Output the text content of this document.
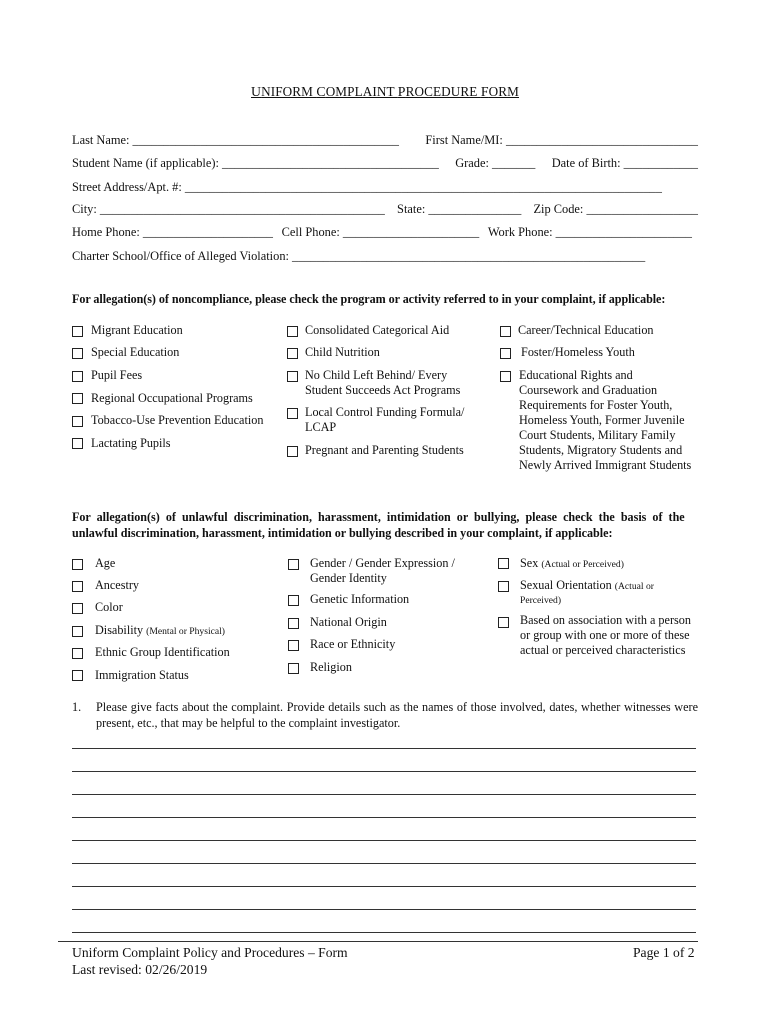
UNIFORM COMPLAINT PROCEDURE FORM
Last Name: ___________________________________________ First Name/MI: _______________________________
Student Name (if applicable): ___________________________________ Grade: _______ Date of Birth: ____________
Street Address/Apt. #: _____________________________________________________________________________
City: ______________________________________________ State: _______________ Zip Code: __________________
Home Phone: _____________________ Cell Phone: ______________________ Work Phone: ______________________
Charter School/Office of Alleged Violation: _________________________________________________________
For allegation(s) of noncompliance, please check the program or activity referred to in your complaint, if applicable:
Migrant Education
Special Education
Pupil Fees
Regional Occupational Programs
Tobacco-Use Prevention Education
Lactating Pupils
Consolidated Categorical Aid
Child Nutrition
No Child Left Behind/ Every
Student Succeeds Act Programs
Local Control Funding Formula/
LCAP
Pregnant and Parenting Students
Career/Technical Education
Foster/Homeless Youth
Educational Rights and
Coursework and Graduation
Requirements for Foster Youth,
Homeless Youth, Former Juvenile
Court Students, Military Family
Students, Migratory Students and
Newly Arrived Immigrant Students
For  allegation(s)  of  unlawful  discrimination,  harassment,  intimidation  or  bullying,  please  check  the  basis  of  the
unlawful discrimination, harassment, intimidation or bullying described in your complaint, if applicable:
Age
Ancestry
Color
Disability (Mental or Physical)
Ethnic Group Identification
Immigration Status
Gender / Gender Expression /
Gender Identity
Genetic Information
National Origin
Race or Ethnicity
Religion
Sex (Actual or Perceived)
Sexual Orientation (Actual or
Perceived)
Based on association with a person
or group with one or more of these
actual or perceived characteristics
1. Please give facts about the complaint. Provide details such as the names of those involved, dates, whether witnesses were present, etc., that may be helpful to the complaint investigator.
Uniform Complaint Policy and Procedures – Form
Last revised: 02/26/2019
Page 1 of 2
